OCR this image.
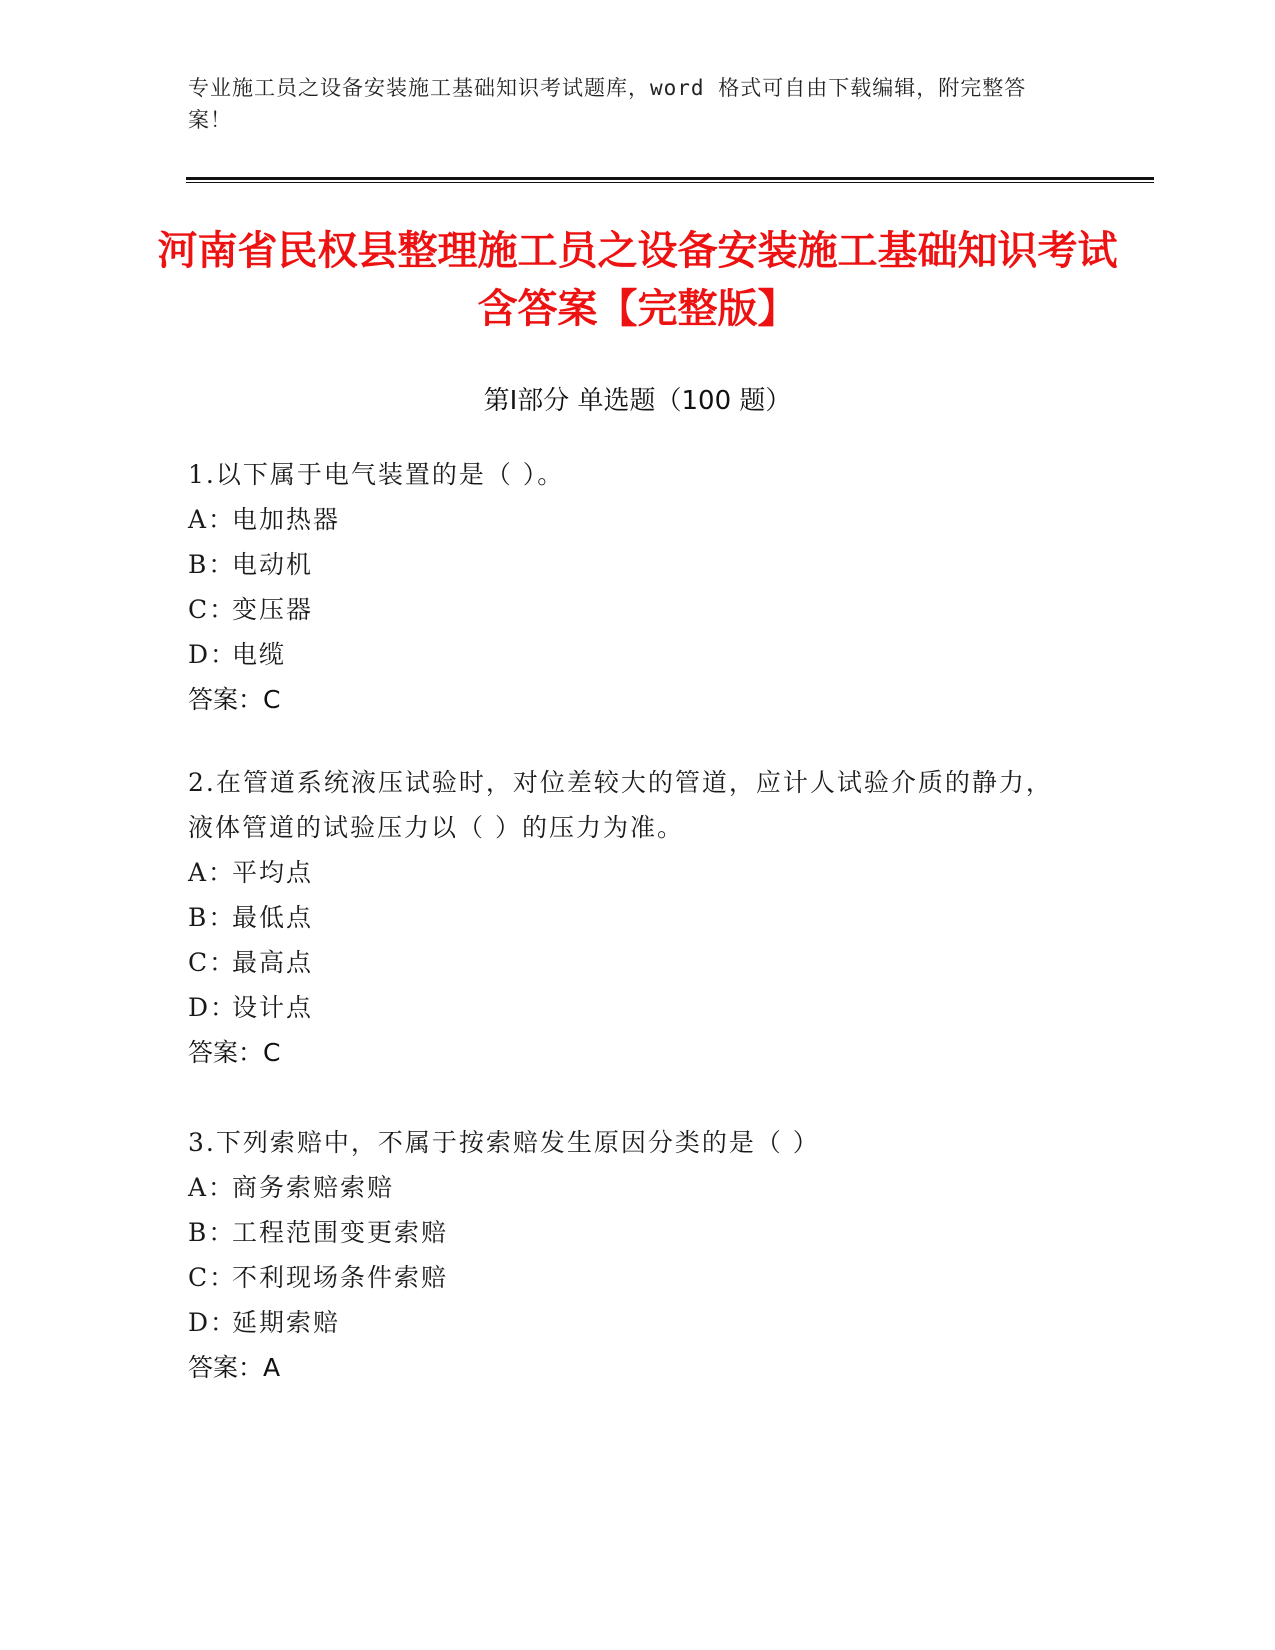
专业施工员之设备安装施工基础知识考试题库，word 格式可自由下载编辑，附完整答案！
河南省民权县整理施工员之设备安装施工基础知识考试含答案【完整版】
第Ⅰ部分 单选题（100 题）
1.以下属于电气装置的是（ ）。
A：电加热器
B：电动机
C：变压器
D：电缆
答案：C
2.在管道系统液压试验时，对位差较大的管道，应计人试验介质的静力，液体管道的试验压力以（ ）的压力为准。
A：平均点
B：最低点
C：最高点
D：设计点
答案：C
3.下列索赔中，不属于按索赔发生原因分类的是（ ）
A：商务索赔索赔
B：工程范围变更索赔
C：不利现场条件索赔
D：延期索赔
答案：A
